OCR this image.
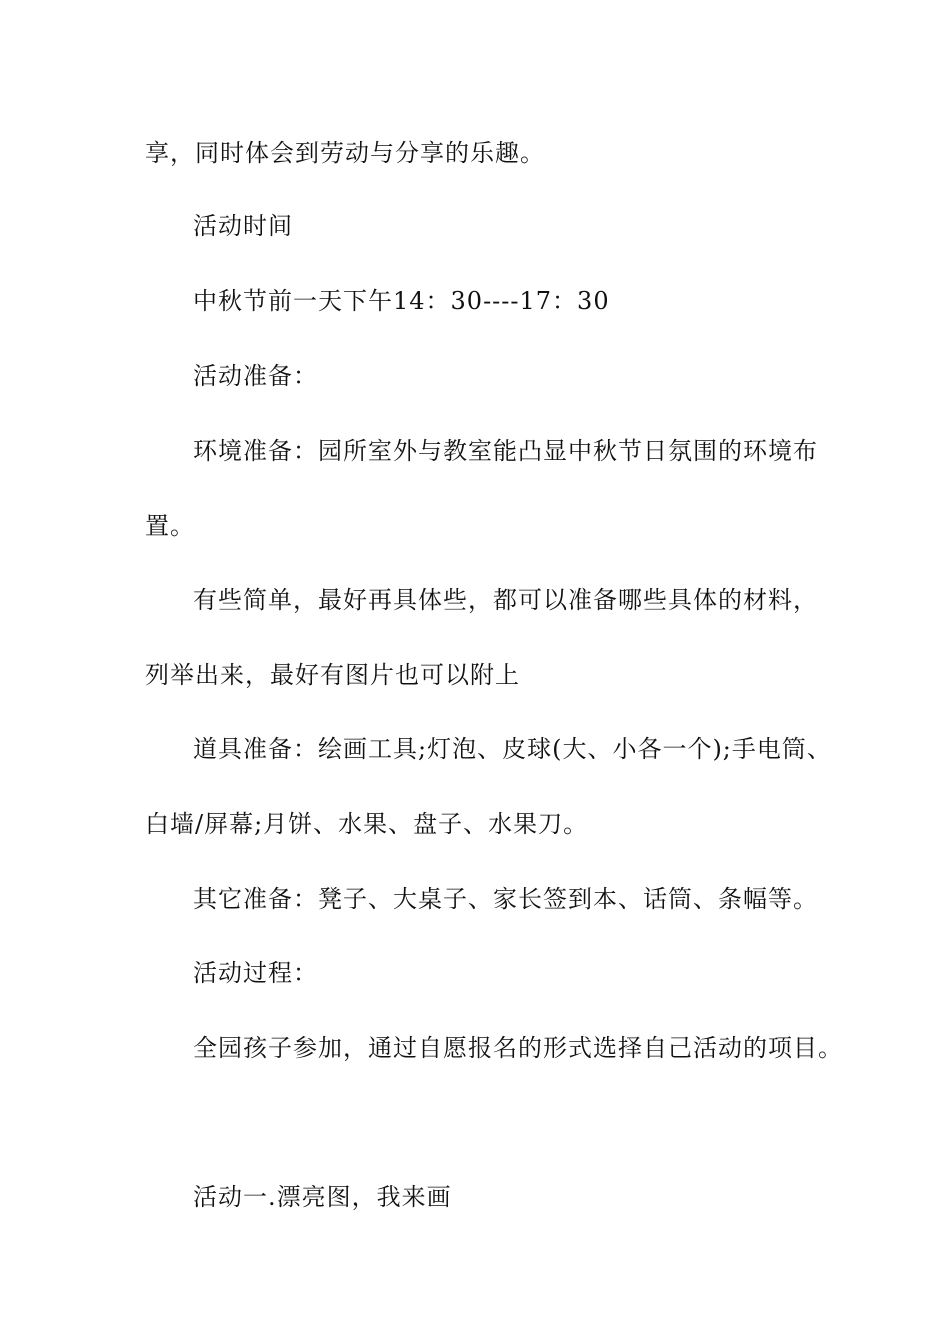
享，同时体会到劳动与分享的乐趣。
活动时间
中秋节前一天下午14：30----17：30
活动准备：
环境准备：园所室外与教室能凸显中秋节日氛围的环境布
置。
有些简单，最好再具体些，都可以准备哪些具体的材料，
列举出来，最好有图片也可以附上
道具准备：绘画工具;灯泡、皮球(大、小各一个);手电筒、
白墙/屏幕;月饼、水果、盘子、水果刀。
其它准备：凳子、大桌子、家长签到本、话筒、条幅等。
活动过程：
全园孩子参加，通过自愿报名的形式选择自己活动的项目。
活动一.漂亮图，我来画
